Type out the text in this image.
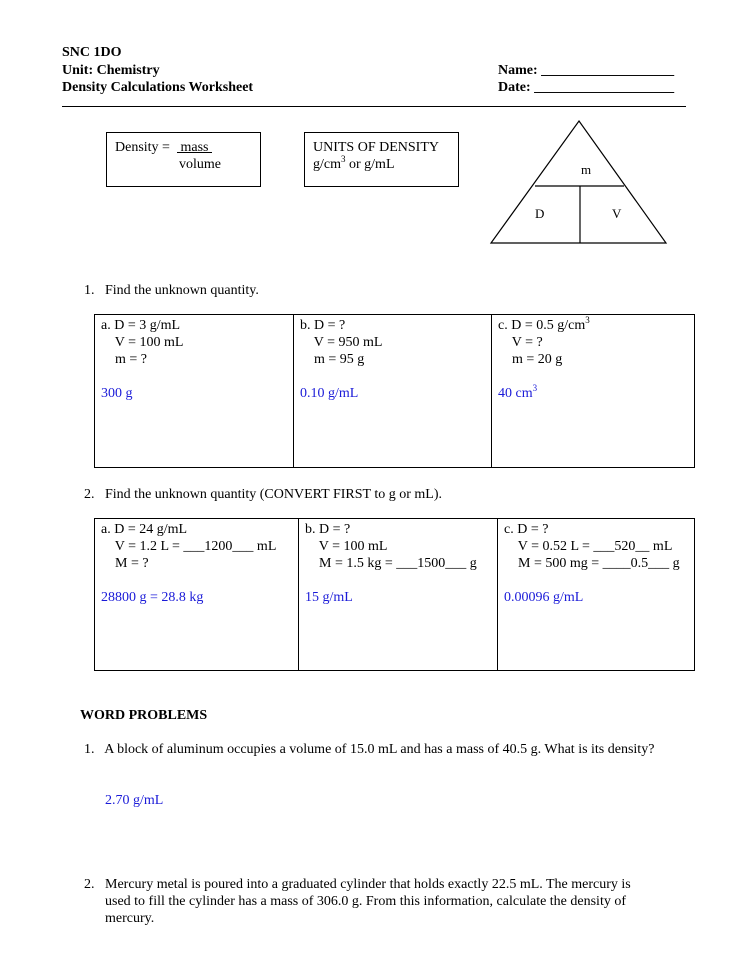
SNC 1DO
Unit: Chemistry
Density Calculations Worksheet
Name: ___________________
Date: ____________________
Density = mass
volume
UNITS OF DENSITY
$g/cm^3$ or g/mL	m
D	V
1.   Find the unknown quantity.
a. D = 3 g/mL
V = 100 mL
m = ?
300 g
b. D = ?
V = 950 mL
m = 95 g
0.10 g/mL
c. D = 0.5 $g/cm^3$
V = ?
m = 20 g
40 $cm^3$
2.   Find the unknown quantity (CONVERT FIRST to g or mL).
a. D = 24 g/mL
V = 1.2 L = ___1200___ mL
M = ?
28800 g = 28.8 kg
b. D = ?
V = 100 mL
M = 1.5 kg = ___1500___ g
15 g/mL
c. D = ?
V = 0.52 L = ___520__ mL
M = 500 mg = ____0.5___ g
0.00096 g/mL
WORD PROBLEMS
1.   A block of aluminum occupies a volume of 15.0 mL and has a mass of 40.5 g. What is its density?
2.70 g/mL
2.   Mercury metal is poured into a graduated cylinder that holds exactly 22.5 mL. The mercury is
used to fill the cylinder has a mass of 306.0 g. From this information, calculate the density of
mercury.
